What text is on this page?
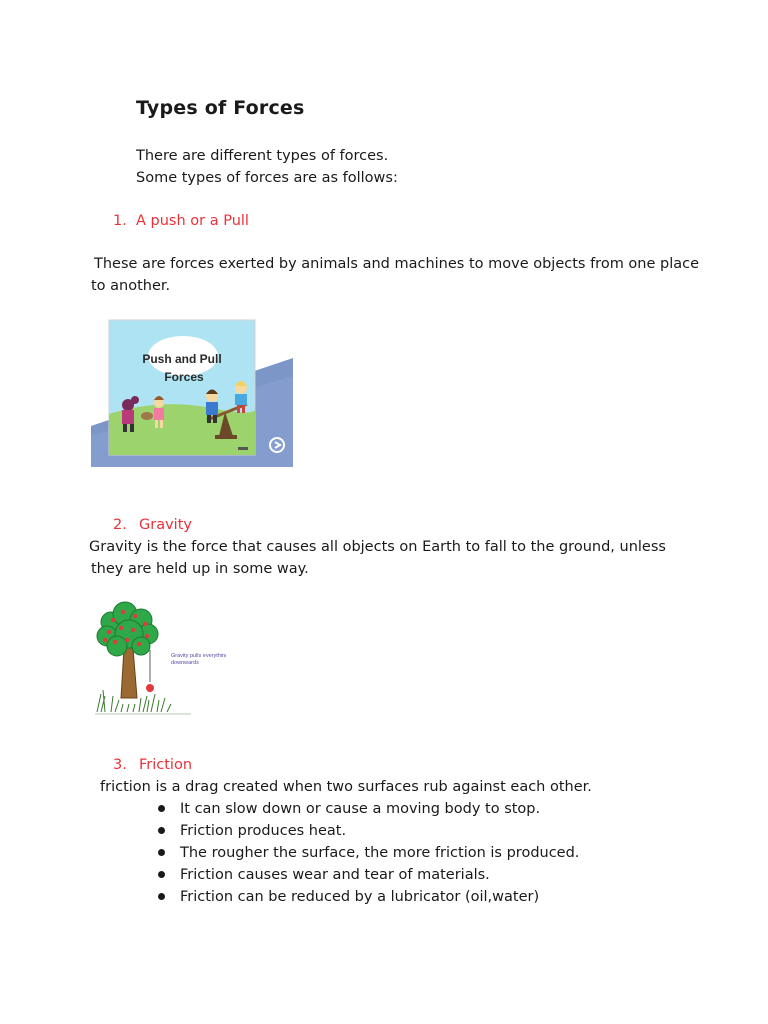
Types of Forces
There are different types of forces.
Some types of forces are as follows:
1. A push or a Pull
These are forces exerted by animals and machines to move objects from one place
to another.
Push and Pull
Forces
2. Gravity
Gravity is the force that causes all objects on Earth to fall to the ground, unless
they are held up in some way.
Gravity pulls everything
downwards
3. Friction
friction is a drag created when two surfaces rub against each other.
It can slow down or cause a moving body to stop.
Friction produces heat.
The rougher the surface, the more friction is produced.
Friction causes wear and tear of materials.
Friction can be reduced by a lubricator (oil,water)
